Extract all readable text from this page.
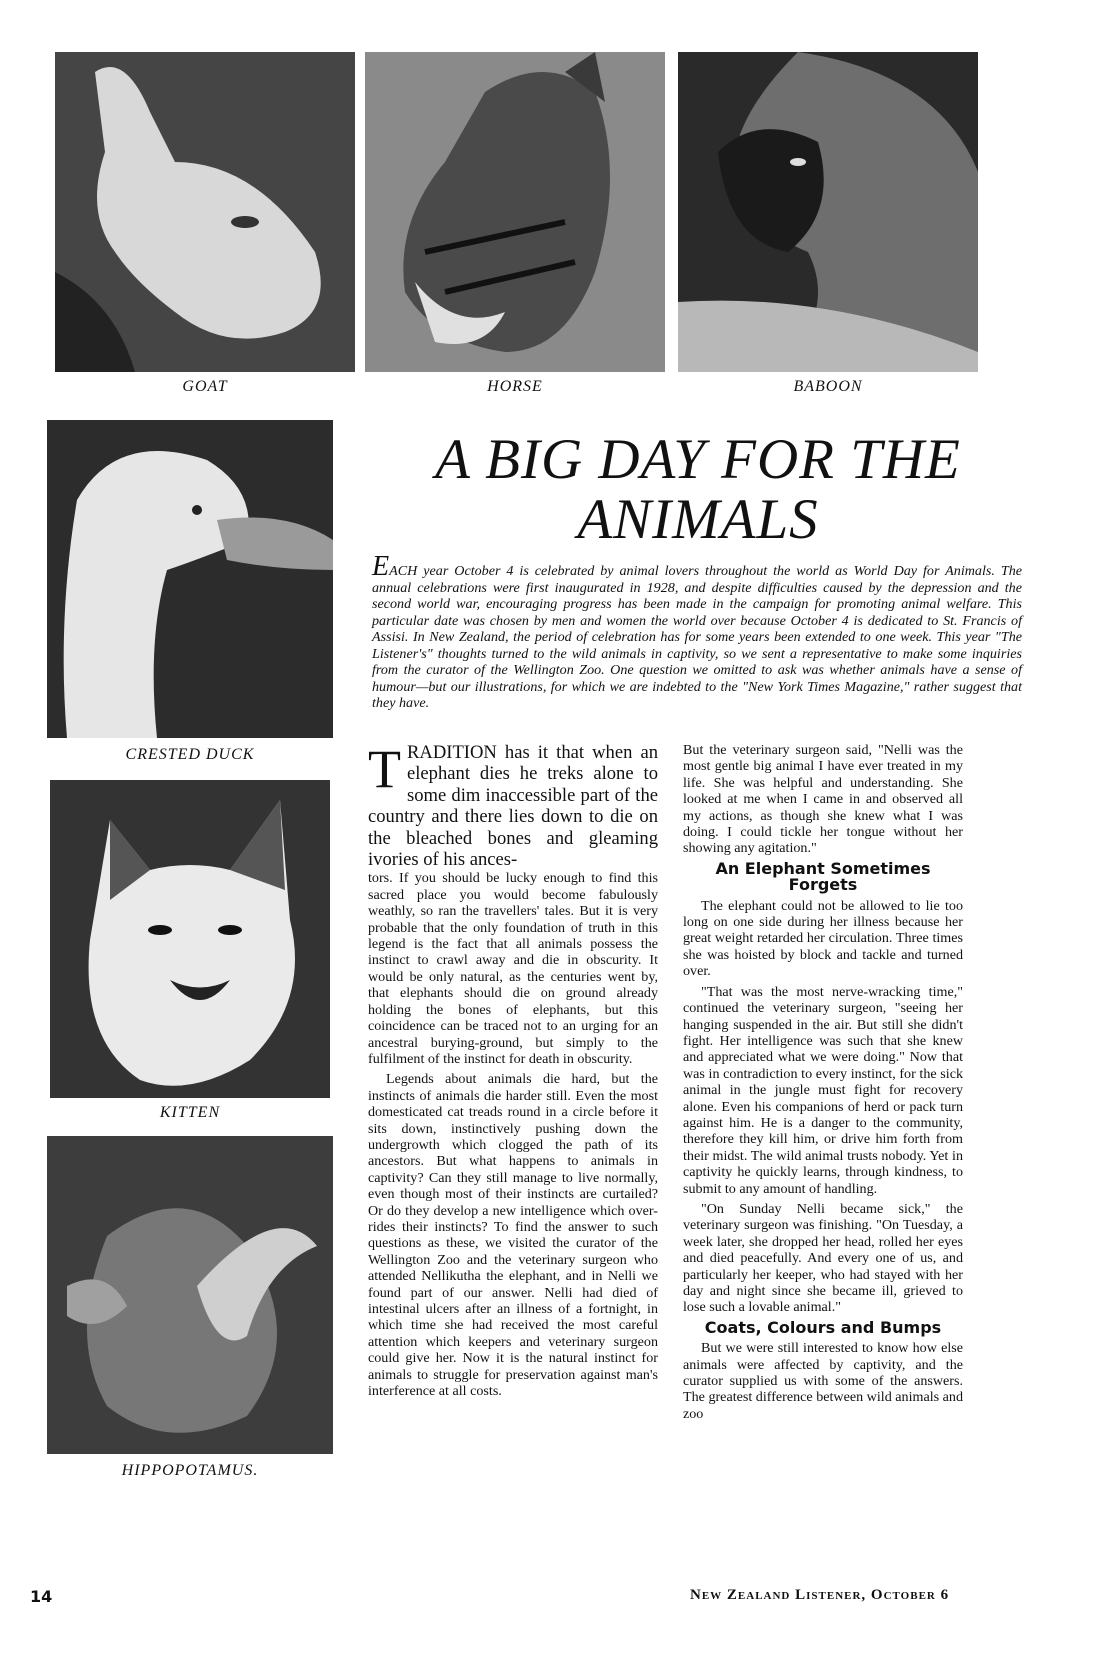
GOAT	HORSE	BABOON
CRESTED DUCK
KITTEN
HIPPOPOTAMUS.
A BIG DAY FOR THE
ANIMALS
EACH year October 4 is celebrated by animal lovers throughout the world as World Day for Animals. The annual celebrations were first inaugurated in 1928, and despite difficulties caused by the depression and the second world war, encouraging progress has been made in the campaign for promoting animal welfare. This particular date was chosen by men and women the world over because October 4 is dedicated to St. Francis of Assisi. In New Zealand, the period of celebration has for some years been extended to one week. This year "The Listener's" thoughts turned to the wild animals in captivity, so we sent a representative to make some inquiries from the curator of the Wellington Zoo. One question we omitted to ask was whether animals have a sense of humour—but our illustrations, for which we are indebted to the "New York Times Magazine," rather suggest that they have.
TRADITION has it that when an elephant dies he treks alone to some dim inaccessible part of the country and there lies down to die on the bleached bones and gleaming ivories of his ances-

tors. If you should be lucky enough to find this sacred place you would become fabulously weathly, so ran the travellers' tales. But it is very probable that the only foundation of truth in this legend is the fact that all animals possess the instinct to crawl away and die in obscurity. It would be only natural, as the centuries went by, that elephants should die on ground already holding the bones of elephants, but this coincidence can be traced not to an urging for an ancestral burying-ground, but simply to the fulfilment of the instinct for death in obscurity.

Legends about animals die hard, but the instincts of animals die harder still. Even the most domesticated cat treads round in a circle before it sits down, instinctively pushing down the undergrowth which clogged the path of its ancestors. But what happens to animals in captivity? Can they still manage to live normally, even though most of their instincts are curtailed? Or do they develop a new intelligence which over-rides their instincts? To find the answer to such questions as these, we visited the curator of the Wellington Zoo and the veterinary surgeon who attended Nellikutha the elephant, and in Nelli we found part of our answer. Nelli had died of intestinal ulcers after an illness of a fortnight, in which time she had received the most careful attention which keepers and veterinary surgeon could give her. Now it is the natural instinct for animals to struggle for preservation against man's interference at all costs.

But the veterinary surgeon said, "Nelli was the most gentle big animal I have ever treated in my life. She was helpful and understanding. She looked at me when I came in and observed all my actions, as though she knew what I was doing. I could tickle her tongue without her showing any agitation."

An Elephant Sometimes Forgets

The elephant could not be allowed to lie too long on one side during her illness because her great weight retarded her circulation. Three times she was hoisted by block and tackle and turned over.

"That was the most nerve-wracking time," continued the veterinary surgeon, "seeing her hanging suspended in the air. But still she didn't fight. Her intelligence was such that she knew and appreciated what we were doing." Now that was in contradiction to every instinct, for the sick animal in the jungle must fight for recovery alone. Even his companions of herd or pack turn against him. He is a danger to the community, therefore they kill him, or drive him forth from their midst. The wild animal trusts nobody. Yet in captivity he quickly learns, through kindness, to submit to any amount of handling.

"On Sunday Nelli became sick," the veterinary surgeon was finishing. "On Tuesday, a week later, she dropped her head, rolled her eyes and died peacefully. And every one of us, and particularly her keeper, who had stayed with her day and night since she became ill, grieved to lose such a lovable animal."

Coats, Colours and Bumps

But we were still interested to know how else animals were affected by captivity, and the curator supplied us with some of the answers. The greatest difference between wild animals and zoo

14	New Zealand Listener, October 6
